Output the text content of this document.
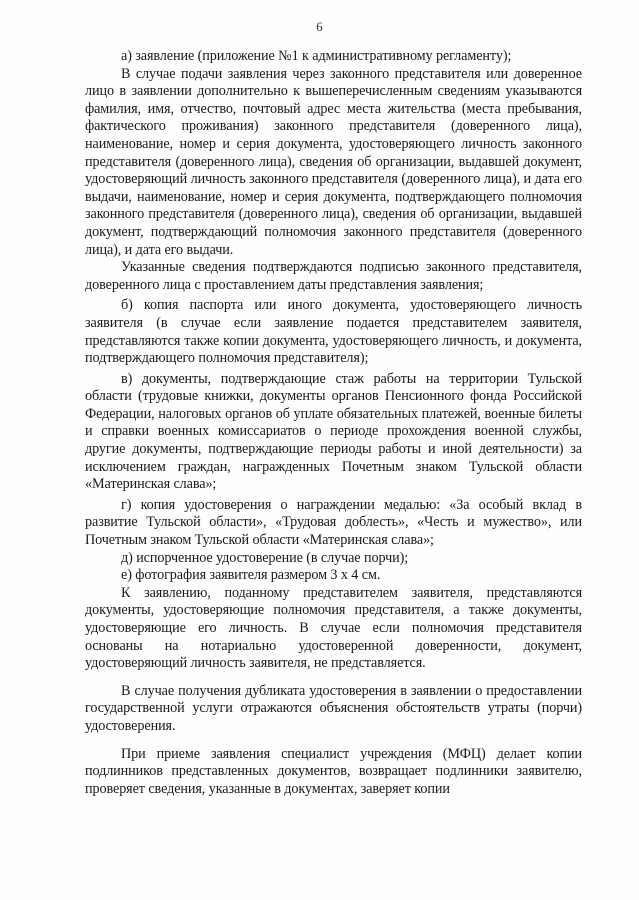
6

а) заявление (приложение №1 к административному регламенту);

В случае подачи заявления через законного представителя или доверенное лицо в заявлении дополнительно к вышеперечисленным сведениям указываются фамилия, имя, отчество, почтовый адрес места жительства (места пребывания, фактического проживания) законного представителя (доверенного лица), наименование, номер и серия документа, удостоверяющего личность законного представителя (доверенного лица), сведения об организации, выдавшей документ, удостоверяющий личность законного представителя (доверенного лица), и дата его выдачи, наименование, номер и серия документа, подтверждающего полномочия законного представителя (доверенного лица), сведения об организации, выдавшей документ, подтверждающий полномочия законного представителя (доверенного лица), и дата его выдачи.

Указанные сведения подтверждаются подписью законного представителя, доверенного лица с проставлением даты представления заявления;

б) копия паспорта или иного документа, удостоверяющего личность заявителя (в случае если заявление подается представителем заявителя, представляются также копии документа, удостоверяющего личность, и документа, подтверждающего полномочия представителя);

в) документы, подтверждающие стаж работы на территории Тульской области (трудовые книжки, документы органов Пенсионного фонда Российской Федерации, налоговых органов об уплате обязательных платежей, военные билеты и справки военных комиссариатов о периоде прохождения военной службы, другие документы, подтверждающие периоды работы и иной деятельности) за исключением граждан, награжденных Почетным знаком Тульской области «Материнская слава»;

г) копия удостоверения о награждении медалью: «За особый вклад в развитие Тульской области», «Трудовая доблесть», «Честь и мужество», или Почетным знаком Тульской области «Материнская слава»;

д) испорченное удостоверение (в случае порчи);

е) фотография заявителя размером 3 х 4 см.

К заявлению, поданному представителем заявителя, представляются документы, удостоверяющие полномочия представителя, а также документы, удостоверяющие его личность. В случае если полномочия представителя основаны на нотариально удостоверенной доверенности, документ, удостоверяющий личность заявителя, не представляется.

В случае получения дубликата удостоверения в заявлении о предоставлении государственной услуги отражаются объяснения обстоятельств утраты (порчи) удостоверения.

При приеме заявления специалист учреждения (МФЦ) делает копии подлинников представленных документов, возвращает подлинники заявителю, проверяет сведения, указанные в документах, заверяет копии
